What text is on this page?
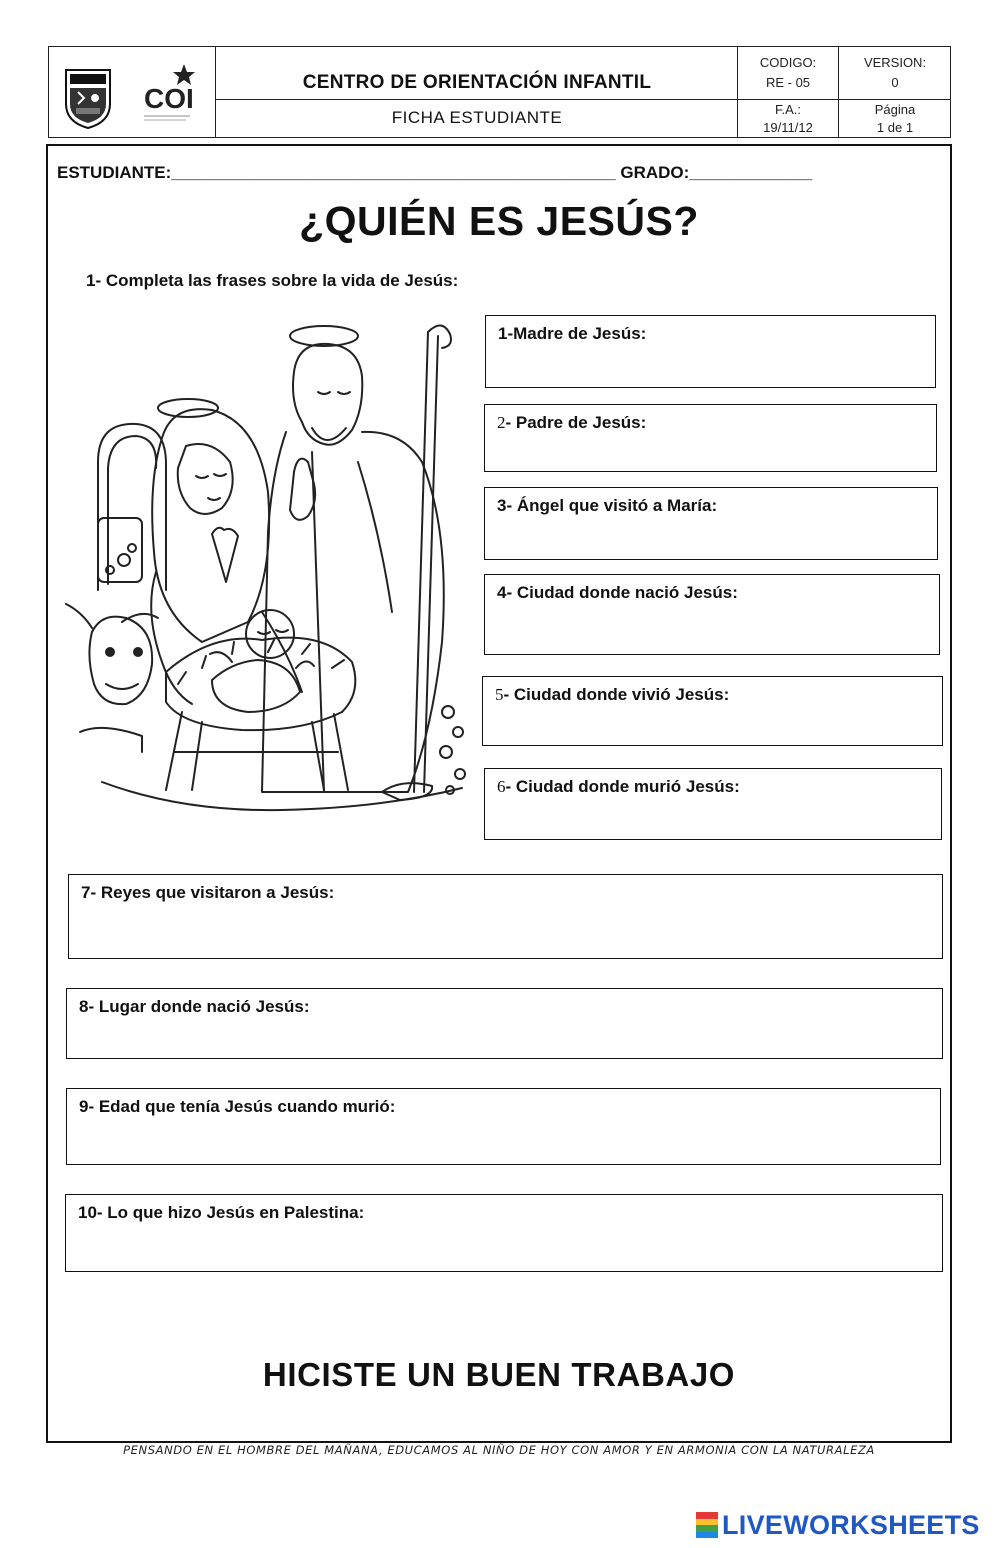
COI
CENTRO DE ORIENTACIÓN INFANTIL
FICHA ESTUDIANTE
CODIGO:
RE - 05
F.A.:
19/11/12
VERSION:
0
Página
1 de 1
ESTUDIANTE:_______________________________________________ GRADO:_____________
¿QUIÉN ES JESÚS?
1- Completa las frases sobre la vida de Jesús:
1-Madre de Jesús:
2- Padre de Jesús:
3- Ángel que visitó a María:
4- Ciudad donde nació Jesús:
5- Ciudad donde vivió Jesús:
6- Ciudad donde murió Jesús:
7- Reyes que visitaron a Jesús:
8- Lugar donde nació Jesús:
9- Edad que tenía Jesús cuando murió:
10- Lo que hizo Jesús en Palestina:
HICISTE UN BUEN TRABAJO
PENSANDO EN EL HOMBRE DEL MAÑANA, EDUCAMOS AL NIÑO DE HOY CON AMOR Y EN ARMONIA CON LA NATURALEZA
LIVEWORKSHEETS
